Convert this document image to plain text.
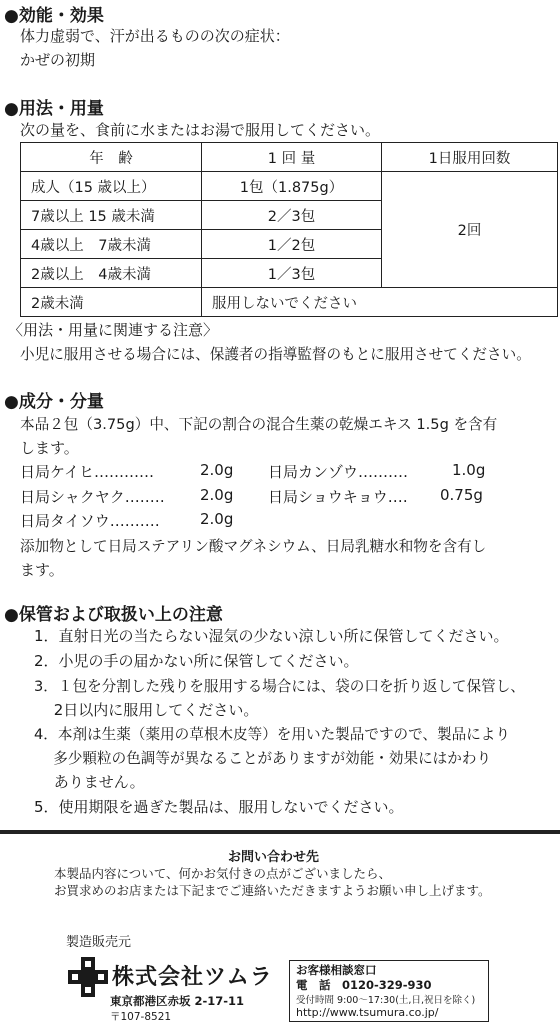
●効能・効果
体力虚弱で、汗が出るものの次の症状：
かぜの初期
●用法・用量
次の量を、食前に水またはお湯で服用してください。
年　齢	1 回 量	1日服用回数
成人（15 歳以上）	1包（1.875g）	2回
7歳以上 15 歳未満	2／3包	
4歳以上　7歳未満	1／2包	
2歳以上　4歳未満	1／3包	
2歳未満	服用しないでください	
〈用法・用量に関連する注意〉
小児に服用させる場合には、保護者の指導監督のもとに服用させてください。
●成分・分量
本品２包（3.75g）中、下記の割合の混合生薬の乾燥エキス 1.5g を含有
します。
日局ケイヒ‥‥‥‥‥‥	2.0g 日局カンゾウ‥‥‥‥‥	1.0g
日局シャクヤク‥‥‥‥ 2.0g 日局ショウキョウ‥‥ 0.75g
日局タイソウ‥‥‥‥‥	2.0g
添加物として日局ステアリン酸マグネシウム、日局乳糖水和物を含有し
ます。
●保管および取扱い上の注意
1．直射日光の当たらない湿気の少ない涼しい所に保管してください。
2．小児の手の届かない所に保管してください。
3．１包を分割した残りを服用する場合には、袋の口を折り返して保管し、
　 2日以内に服用してください。
4．本剤は生薬（薬用の草根木皮等）を用いた製品ですので、製品により
　 多少顆粒の色調等が異なることがありますが効能・効果にはかわり
　 ありません。
5．使用期限を過ぎた製品は、服用しないでください。
お問い合わせ先
本製品内容について、何かお気付きの点がございましたら、
お買求めのお店または下記までご連絡いただきますようお願い申し上げます。
製造販売元
株式会社ツムラ
東京都港区赤坂 2-17-11
〒107-8521
お客様相談窓口
電　話　0120-329-930
受付時間 9:00～17:30(土,日,祝日を除く)
http://www.tsumura.co.jp/
